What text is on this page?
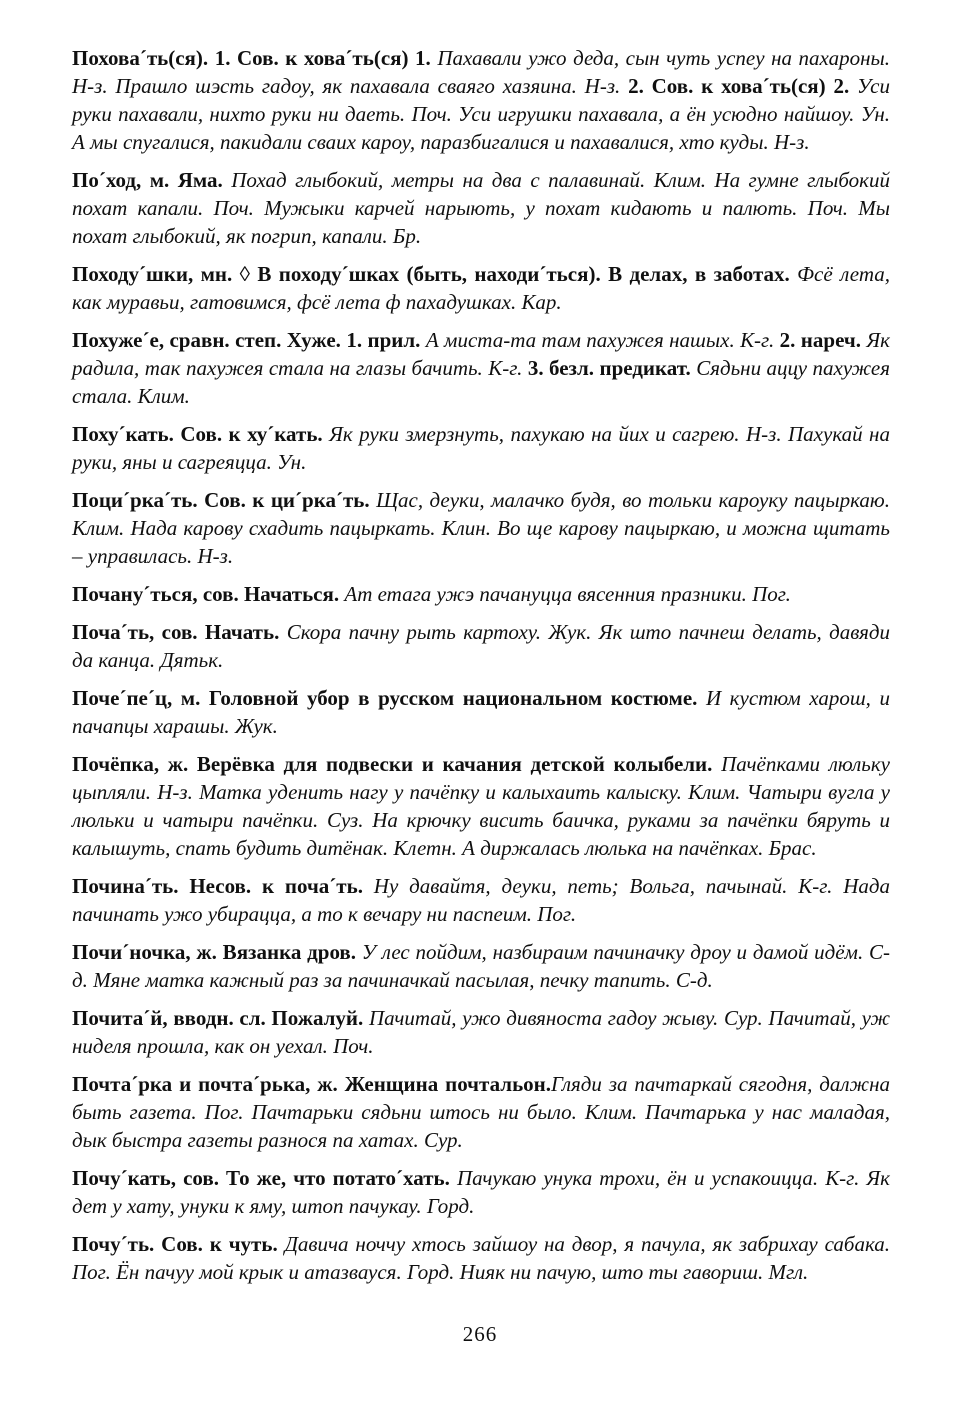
Похова´ть(ся). 1. Сов. к хова´ть(ся) 1. Пахавали ужо деда, сын чуть успеу на пахароны. Н-з. Прашло шэсть гадоу, як пахавала сваяго хазяина. Н-з. 2. Сов. к хова´ть(ся) 2. Уси руки пахавали, нихто руки ни даеть. Поч. Уси игрушки пахавала, а ён усюдно найшоу. Ун. А мы спугалися, пакидали сваих кароу, паразбигалися и пахавалися, хто куды. Н-з.

По´ход, м. Яма. Похад глыбокий, метры на два с палавинай. Клим. На гумне глыбокий похат капали. Поч. Мужыки карчей нарыють, у похат кидають и палють. Поч. Мы похат глыбокий, як погрип, капали. Бр.

Походу´шки, мн. ◊ В походу´шках (быть, находи´ться). В делах, в заботах. Фсё лета, как муравьи, гатовимся, фсё лета ф пахадушках. Кар.

Похуже´е, сравн. степ. Хуже. 1. прил. А миста-та там пахужея нашых. К-г. 2. нареч. Як радила, так пахужея стала на глазы бачить. К-г. 3. безл. предикат. Сядьни аццу пахужея стала. Клим.

Поху´кать. Сов. к ху´кать. Як руки змерзнуть, пахукаю на йих и сагрею. Н-з. Пахукай на руки, яны и сагреяцца. Ун.

Поци´рка´ть. Сов. к ци´рка´ть. Щас, деуки, малачко будя, во тольки кароуку пацыркаю. Клим. Нада карову схадить пацыркать. Клин. Во ще карову пацыркаю, и можна щитать – управилась. Н-з.

Почану´ться, сов. Начаться. Ат етага ужэ пачануцца вясенния празники. Пог.

Поча´ть, сов. Начать. Скора пачну рыть картоху. Жук. Як што пачнеш делать, давяди да канца. Дятьк.

Поче´пе´ц, м. Головной убор в русском национальном костюме. И кустюм харош, и пачапцы харашы. Жук.

Почёпка, ж. Верёвка для подвески и качания детской колыбели. Пачёпками люльку цыпляли. Н-з. Матка уденить нагу у пачёпку и калыхаить калыску. Клим. Чатыри вугла у люльки и чатыри пачёпки. Суз. На крючку висить баичка, руками за пачёпки бяруть и калышуть, спать будить дитёнак. Клетн. А диржалась люлька на пачёпках. Брас.

Почина´ть. Несов. к поча´ть. Ну давайтя, деуки, петь; Вольга, пачынай. К-г. Нада пачинать ужо убирацца, а то к вечару ни паспеим. Пог.

Почи´ночка, ж. Вязанка дров. У лес пойдим, назбираим пачиначку дроу и дамой идём. С-д. Мяне матка кажный раз за пачиначкай пасылая, печку тапить. С-д.

Почита´й, вводн. сл. Пожалуй. Пачитай, ужо дивяноста гадоу жыву. Сур. Пачитай, уж ниделя прошла, как он уехал. Поч.

Почта´рка и почта´рька, ж. Женщина почтальон.Гляди за пачтаркай сягодня, далжна быть газета. Пог. Пачтарьки сядьни штось ни было. Клим. Пачтарька у нас маладая, дык быстра газеты разнося па хатах. Сур.

Почу´кать, сов. То же, что потато´хать. Пачукаю унука трохи, ён и успакоицца. К-г. Як дет у хату, унуки к яму, штоп пачукау. Горд.

Почу´ть. Сов. к чуть. Давича ноччу хтось зайшоу на двор, я пачула, як забрихау сабака. Пог. Ён пачуу мой крык и атазвауся. Горд. Нияк ни пачую, што ты гавориш. Мгл.

266
